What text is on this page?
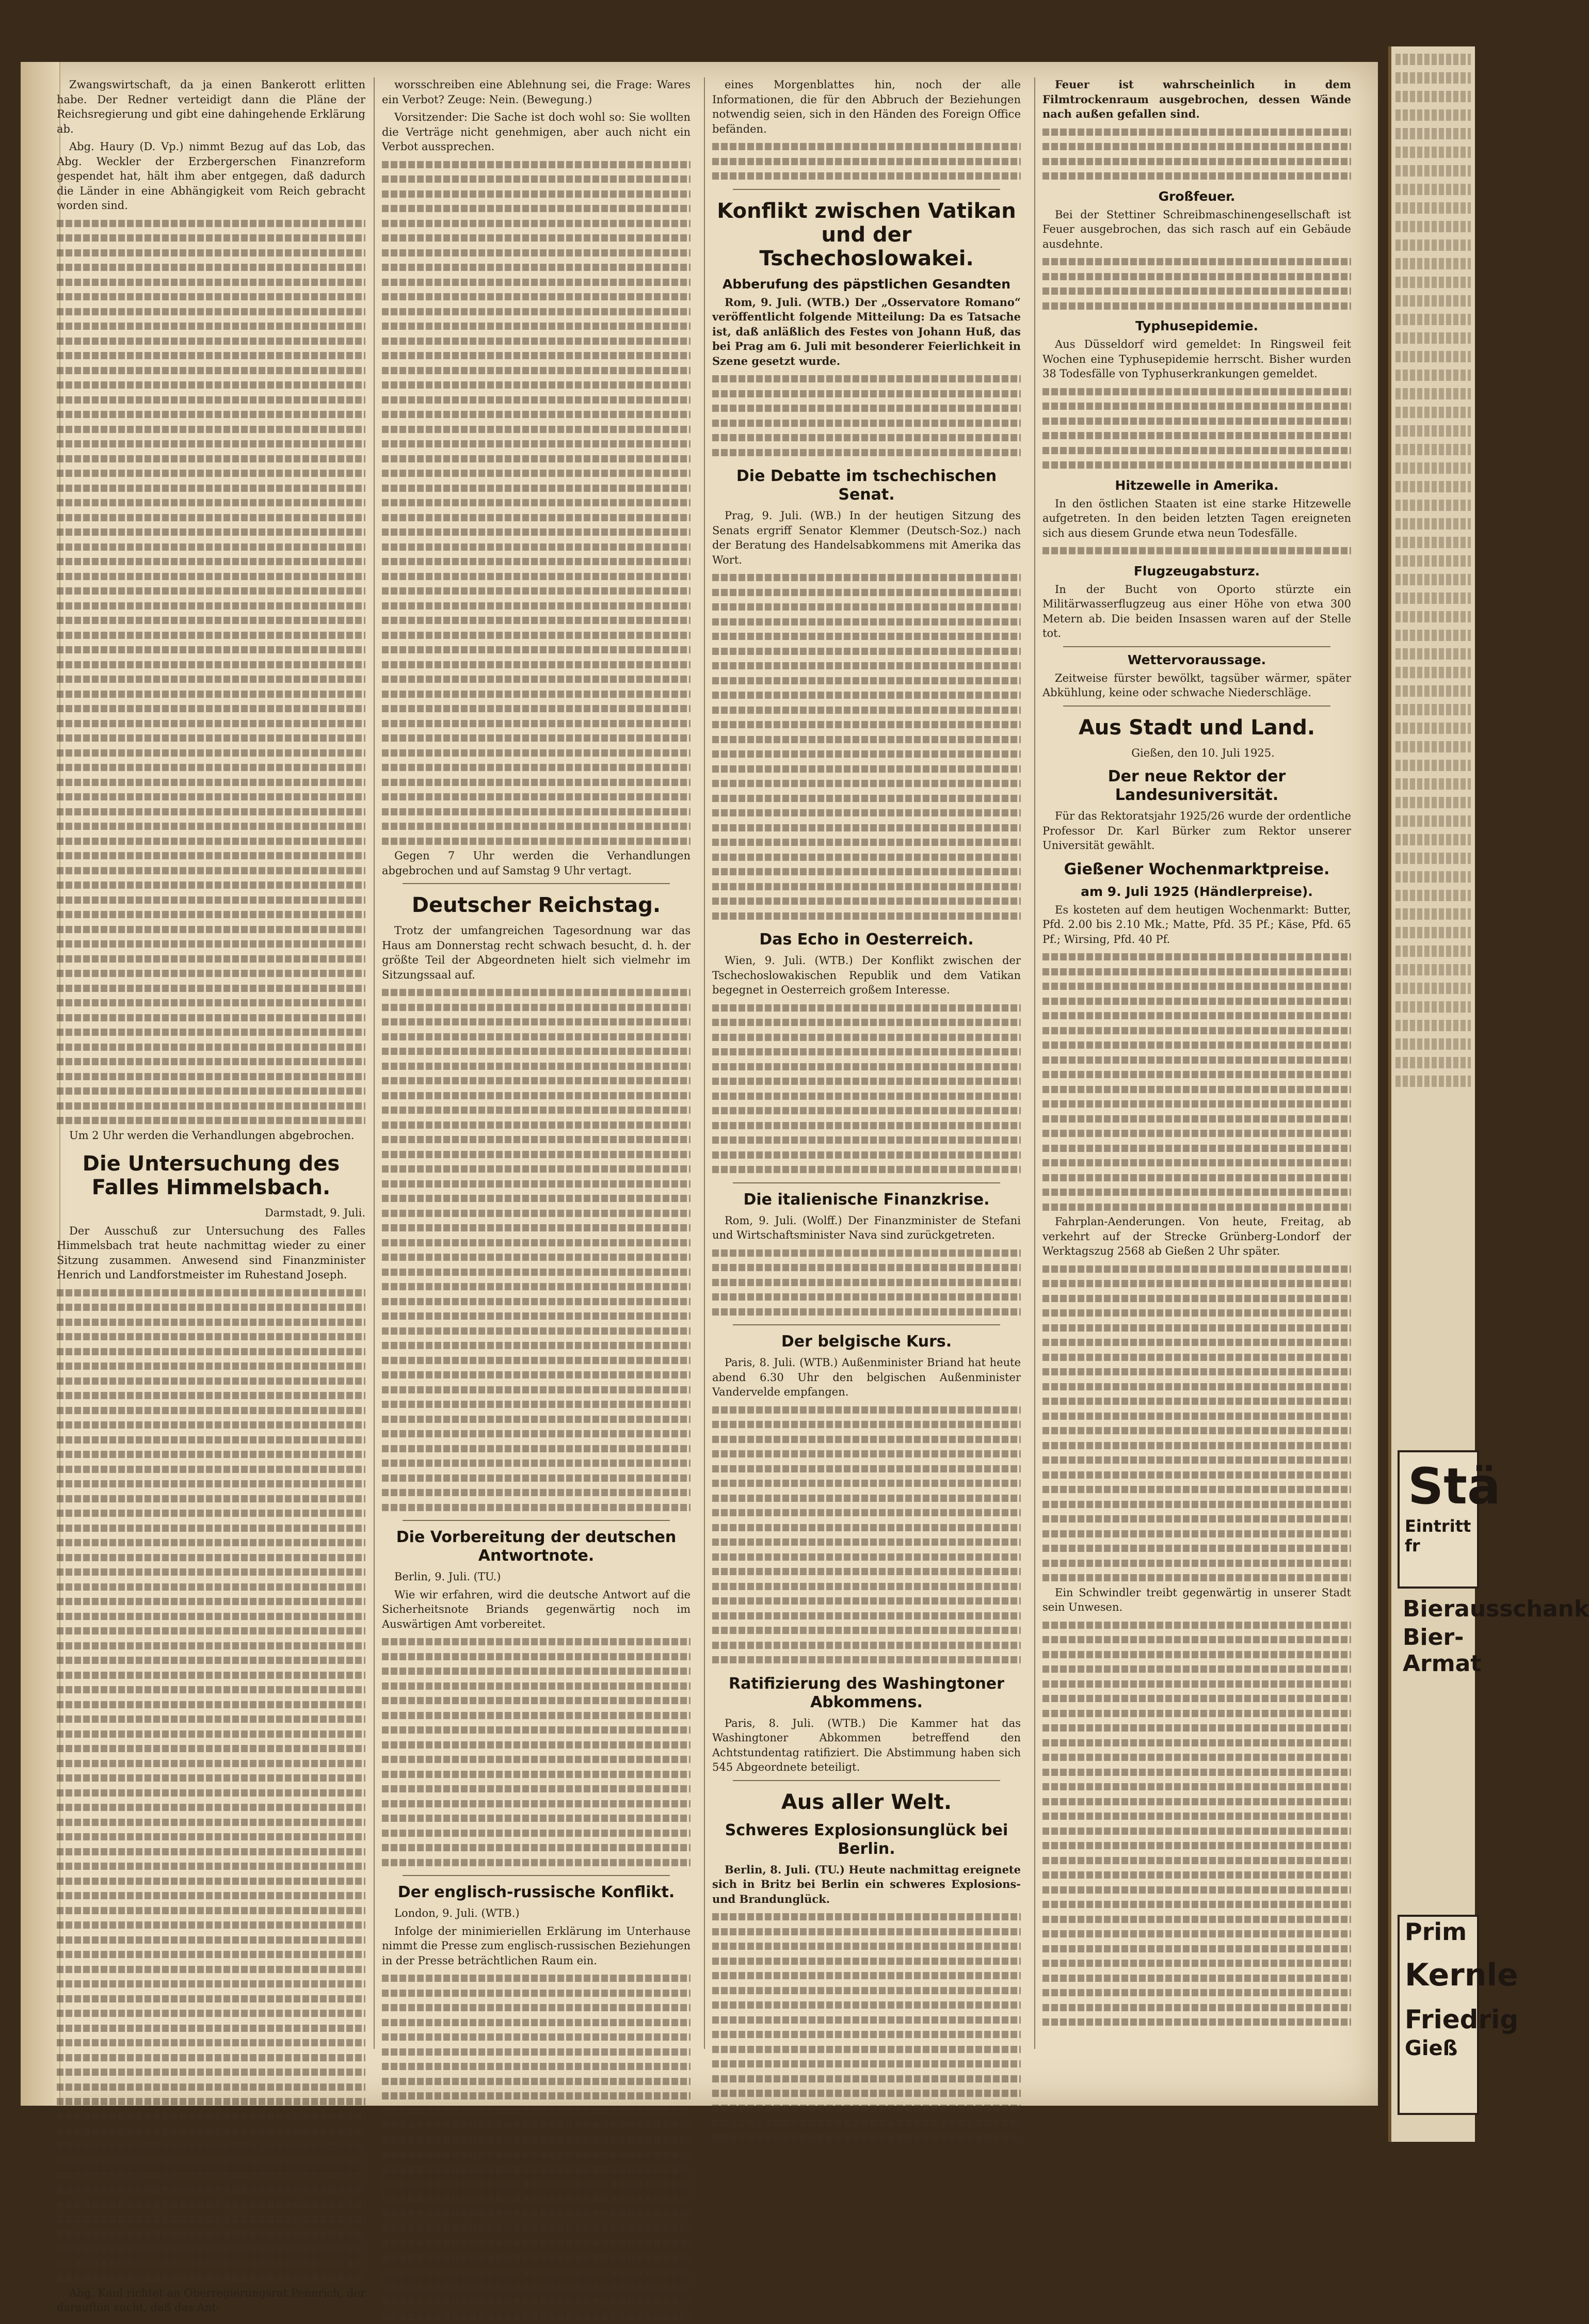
Zwangswirtschaft, da ja einen Bankerott erlitten habe. Der Redner verteidigt dann die Pläne der Reichsregierung und gibt eine dahingehende Erklärung ab.

Abg. Haury (D. Vp.) nimmt Bezug auf das Lob, das Abg. Weckler der Erzbergerschen Finanzreform gespendet hat, hält ihm aber entgegen, daß dadurch die Länder in eine Abhängigkeit vom Reich gebracht worden sind.

Um 2 Uhr werden die Verhandlungen abgebrochen.

Die Untersuchung des Falles Himmelsbach.

Darmstadt, 9. Juli.

Der Ausschuß zur Untersuchung des Falles Himmelsbach trat heute nachmittag wieder zu einer Sitzung zusammen. Anwesend sind Finanzminister Henrich und Landforstmeister im Ruhestand Joseph.

Abg. Kaul richtet an Oberregierungsrat Pennrich, der daraufhin sucht, daß das Ant-

worsschreiben eine Ablehnung sei, die Frage: Wares ein Verbot? Zeuge: Nein. (Bewegung.)

Vorsitzender: Die Sache ist doch wohl so: Sie wollten die Verträge nicht genehmigen, aber auch nicht ein Verbot aussprechen.

Gegen 7 Uhr werden die Verhandlungen abgebrochen und auf Samstag 9 Uhr vertagt.

Deutscher Reichstag.

Trotz der umfangreichen Tagesordnung war das Haus am Donnerstag recht schwach besucht, d. h. der größte Teil der Abgeordneten hielt sich vielmehr im Sitzungssaal auf.

Die Vorbereitung der deutschen Antwortnote.

Berlin, 9. Juli. (TU.)

Wie wir erfahren, wird die deutsche Antwort auf die Sicherheitsnote Briands gegenwärtig noch im Auswärtigen Amt vorbereitet.

Der englisch-russische Konflikt.

London, 9. Juli. (WTB.)

Infolge der minimieriellen Erklärung im Unterhause nimmt die Presse zum englisch-russischen Beziehungen in der Presse beträchtlichen Raum ein.

eines Morgenblattes hin, noch der alle Informationen, die für den Abbruch der Beziehungen notwendig seien, sich in den Händen des Foreign Office befänden.

Konflikt zwischen Vatikan und der Tschechoslowakei.
Abberufung des päpstlichen Gesandten

Rom, 9. Juli. (WTB.) Der „Osservatore Romano“ veröffentlicht folgende Mitteilung: Da es Tatsache ist, daß anläßlich des Festes von Johann Huß, das bei Prag am 6. Juli mit besonderer Feierlichkeit in Szene gesetzt wurde.

Die Debatte im tschechischen Senat.

Prag, 9. Juli. (WB.) In der heutigen Sitzung des Senats ergriff Senator Klemmer (Deutsch-Soz.) nach der Beratung des Handelsabkommens mit Amerika das Wort.

Das Echo in Oesterreich.

Wien, 9. Juli. (WTB.) Der Konflikt zwischen der Tschechoslowakischen Republik und dem Vatikan begegnet in Oesterreich großem Interesse.

Die italienische Finanzkrise.

Rom, 9. Juli. (Wolff.) Der Finanzminister de Stefani und Wirtschaftsminister Nava sind zurückgetreten.

Der belgische Kurs.

Paris, 8. Juli. (WTB.) Außenminister Briand hat heute abend 6.30 Uhr den belgischen Außenminister Vandervelde empfangen.

Ratifizierung des Washingtoner Abkommens.

Paris, 8. Juli. (WTB.) Die Kammer hat das Washingtoner Abkommen betreffend den Achtstundentag ratifiziert. Die Abstimmung haben sich 545 Abgeordnete beteiligt.

Aus aller Welt.
Schweres Explosionsunglück bei Berlin.

Berlin, 8. Juli. (TU.) Heute nachmittag ereignete sich in Britz bei Berlin ein schweres Explosions- und Brandunglück.

Feuer ist wahrscheinlich in dem Filmtrockenraum ausgebrochen, dessen Wände nach außen gefallen sind.

Großfeuer.

Bei der Stettiner Schreibmaschinengesellschaft ist Feuer ausgebrochen, das sich rasch auf ein Gebäude ausdehnte.

Typhusepidemie.

Aus Düsseldorf wird gemeldet: In Ringsweil feit Wochen eine Typhusepidemie herrscht. Bisher wurden 38 Todesfälle von Typhuserkrankungen gemeldet.

Hitzewelle in Amerika.

In den östlichen Staaten ist eine starke Hitzewelle aufgetreten. In den beiden letzten Tagen ereigneten sich aus diesem Grunde etwa neun Todesfälle.

Flugzeugabsturz.

In der Bucht von Oporto stürzte ein Militärwasserflugzeug aus einer Höhe von etwa 300 Metern ab. Die beiden Insassen waren auf der Stelle tot.

Wettervoraussage.

Zeitweise fürster bewölkt, tagsüber wärmer, später Abkühlung, keine oder schwache Niederschläge.

Aus Stadt und Land.

Gießen, den 10. Juli 1925.

Der neue Rektor der Landesuniversität.

Für das Rektoratsjahr 1925/26 wurde der ordentliche Professor Dr. Karl Bürker zum Rektor unserer Universität gewählt.

Gießener Wochenmarktpreise.
am 9. Juli 1925 (Händlerpreise).

Es kosteten auf dem heutigen Wochenmarkt: Butter, Pfd. 2.00 bis 2.10 Mk.; Matte, Pfd. 35 Pf.; Käse, Pfd. 65 Pf.; Wirsing, Pfd. 40 Pf.

Fahrplan-Aenderungen. Von heute, Freitag, ab verkehrt auf der Strecke Grünberg-Londorf der Werktagszug 2568 ab Gießen 2 Uhr später.

Ein Schwindler treibt gegenwärtig in unserer Stadt sein Unwesen.

Stä
Eintritt fr
Bierausschank
Bier-Armat
Prim
Kernle
Friedrig
Gieß
